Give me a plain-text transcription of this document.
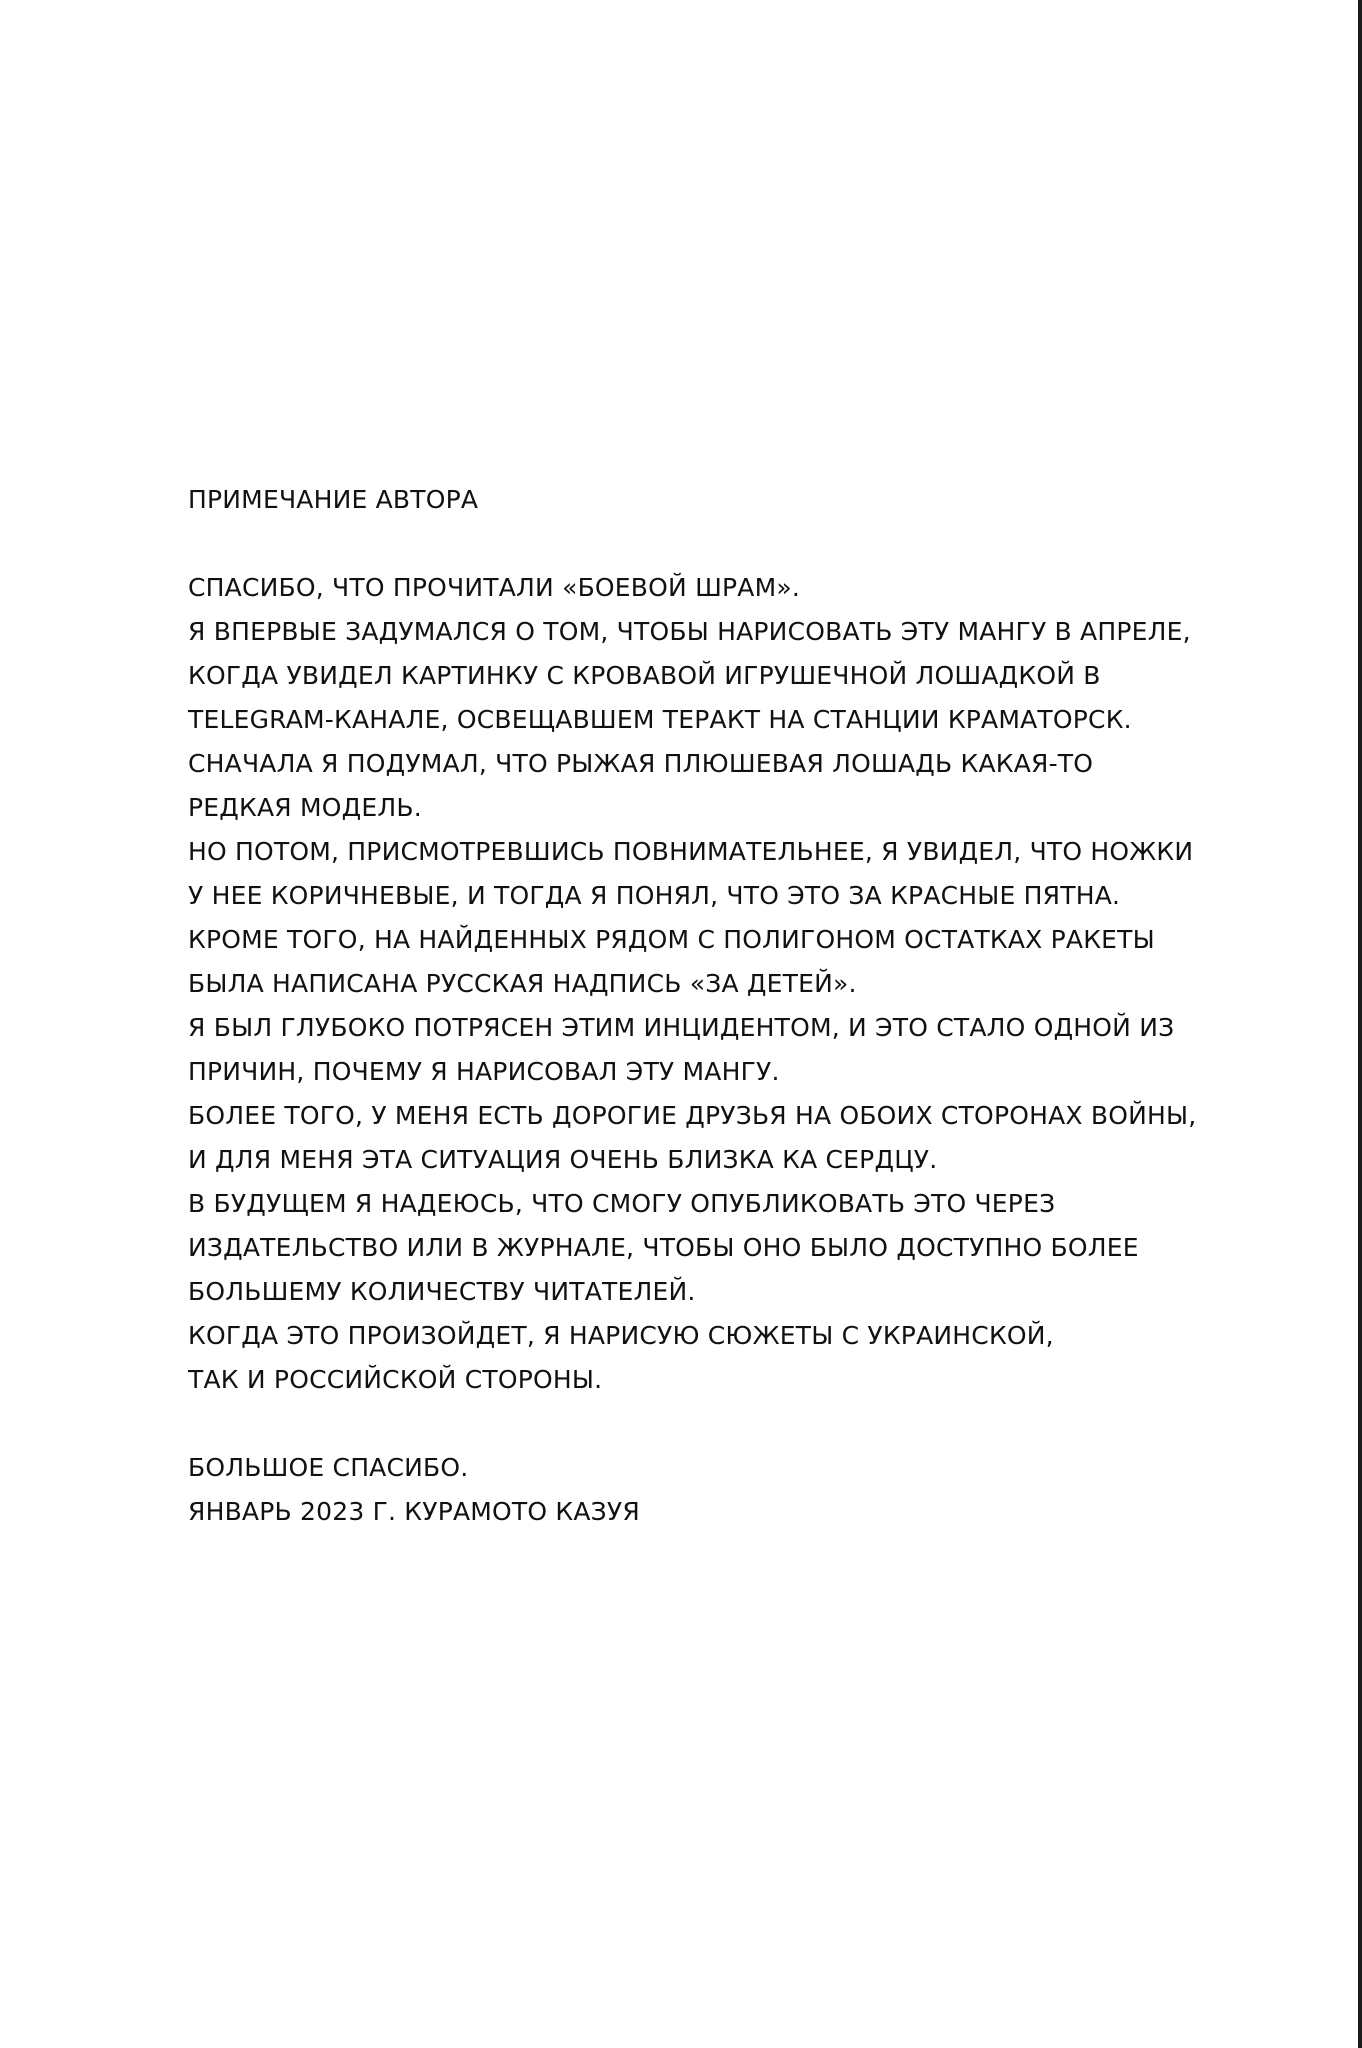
ПРИМЕЧАНИЕ АВТОРА
СПАСИБО, ЧТО ПРОЧИТАЛИ «БОЕВОЙ ШРАМ».
Я ВПЕРВЫЕ ЗАДУМАЛСЯ О ТОМ, ЧТОБЫ НАРИСОВАТЬ ЭТУ МАНГУ В АПРЕЛЕ,
КОГДА УВИДЕЛ КАРТИНКУ С КРОВАВОЙ ИГРУШЕЧНОЙ ЛОШАДКОЙ В
TELEGRAM-КАНАЛЕ, ОСВЕЩАВШЕМ ТЕРАКТ НА СТАНЦИИ КРАМАТОРСК.
СНАЧАЛА Я ПОДУМАЛ, ЧТО РЫЖАЯ ПЛЮШЕВАЯ ЛОШАДЬ КАКАЯ-ТО
РЕДКАЯ МОДЕЛЬ.
НО ПОТОМ, ПРИСМОТРЕВШИСЬ ПОВНИМАТЕЛЬНЕЕ, Я УВИДЕЛ, ЧТО НОЖКИ
У НЕЕ КОРИЧНЕВЫЕ, И ТОГДА Я ПОНЯЛ, ЧТО ЭТО ЗА КРАСНЫЕ ПЯТНА.
КРОМЕ ТОГО, НА НАЙДЕННЫХ РЯДОМ С ПОЛИГОНОМ ОСТАТКАХ РАКЕТЫ
БЫЛА НАПИСАНА РУССКАЯ НАДПИСЬ «ЗА ДЕТЕЙ».
Я БЫЛ ГЛУБОКО ПОТРЯСЕН ЭТИМ ИНЦИДЕНТОМ, И ЭТО СТАЛО ОДНОЙ ИЗ
ПРИЧИН, ПОЧЕМУ Я НАРИСОВАЛ ЭТУ МАНГУ.
БОЛЕЕ ТОГО, У МЕНЯ ЕСТЬ ДОРОГИЕ ДРУЗЬЯ НА ОБОИХ СТОРОНАХ ВОЙНЫ,
И ДЛЯ МЕНЯ ЭТА СИТУАЦИЯ ОЧЕНЬ БЛИЗКА КА СЕРДЦУ.
В БУДУЩЕМ Я НАДЕЮСЬ, ЧТО СМОГУ ОПУБЛИКОВАТЬ ЭТО ЧЕРЕЗ
ИЗДАТЕЛЬСТВО ИЛИ В ЖУРНАЛЕ, ЧТОБЫ ОНО БЫЛО ДОСТУПНО БОЛЕЕ
БОЛЬШЕМУ КОЛИЧЕСТВУ ЧИТАТЕЛЕЙ.
КОГДА ЭТО ПРОИЗОЙДЕТ, Я НАРИСУЮ СЮЖЕТЫ С УКРАИНСКОЙ,
ТАК И РОССИЙСКОЙ СТОРОНЫ.
БОЛЬШОЕ СПАСИБО.
ЯНВАРЬ 2023 Г. КУРАМОТО КАЗУЯ
